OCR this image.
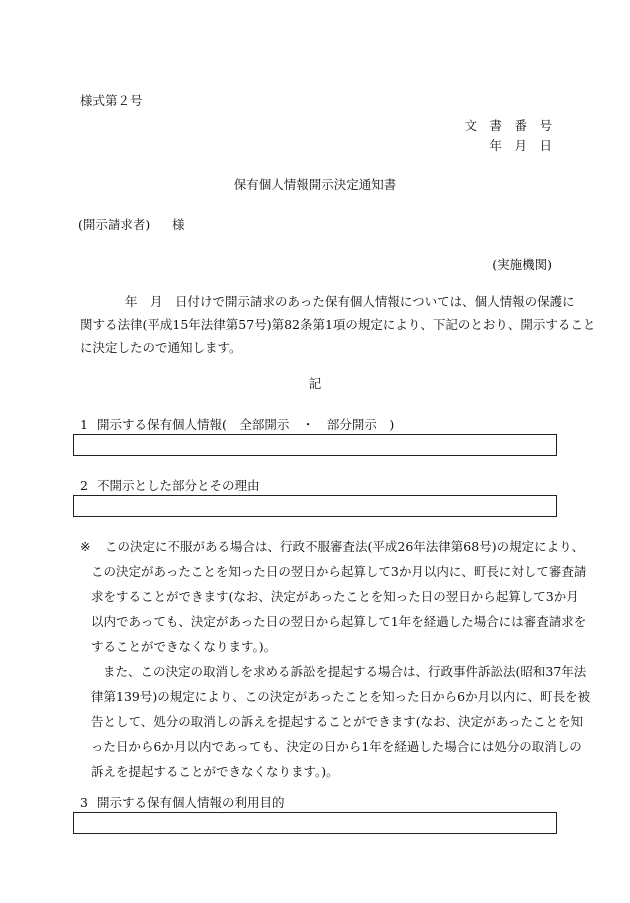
様式第２号
文　書　番　号
年　月　日
保有個人情報開示決定通知書
(開示請求者) 様
(実施機関)
年　月　日付けで開示請求のあった保有個人情報については、個人情報の保護に
関する法律(平成15年法律第57号)第82条第1項の規定により、下記のとおり、開示すること
に決定したので通知します。
記
1 開示する保有個人情報(　全部開示　・　部分開示　)
2 不開示とした部分とその理由
※ この決定に不服がある場合は、行政不服審査法(平成26年法律第68号)の規定により、
この決定があったことを知った日の翌日から起算して3か月以内に、町長に対して審査請
求をすることができます(なお、決定があったことを知った日の翌日から起算して3か月
以内であっても、決定があった日の翌日から起算して1年を経過した場合には審査請求を
することができなくなります。)。
また、この決定の取消しを求める訴訟を提起する場合は、行政事件訴訟法(昭和37年法
律第139号)の規定により、この決定があったことを知った日から6か月以内に、町長を被
告として、処分の取消しの訴えを提起することができます(なお、決定があったことを知
った日から6か月以内であっても、決定の日から1年を経過した場合には処分の取消しの
訴えを提起することができなくなります。)。
3 開示する保有個人情報の利用目的
